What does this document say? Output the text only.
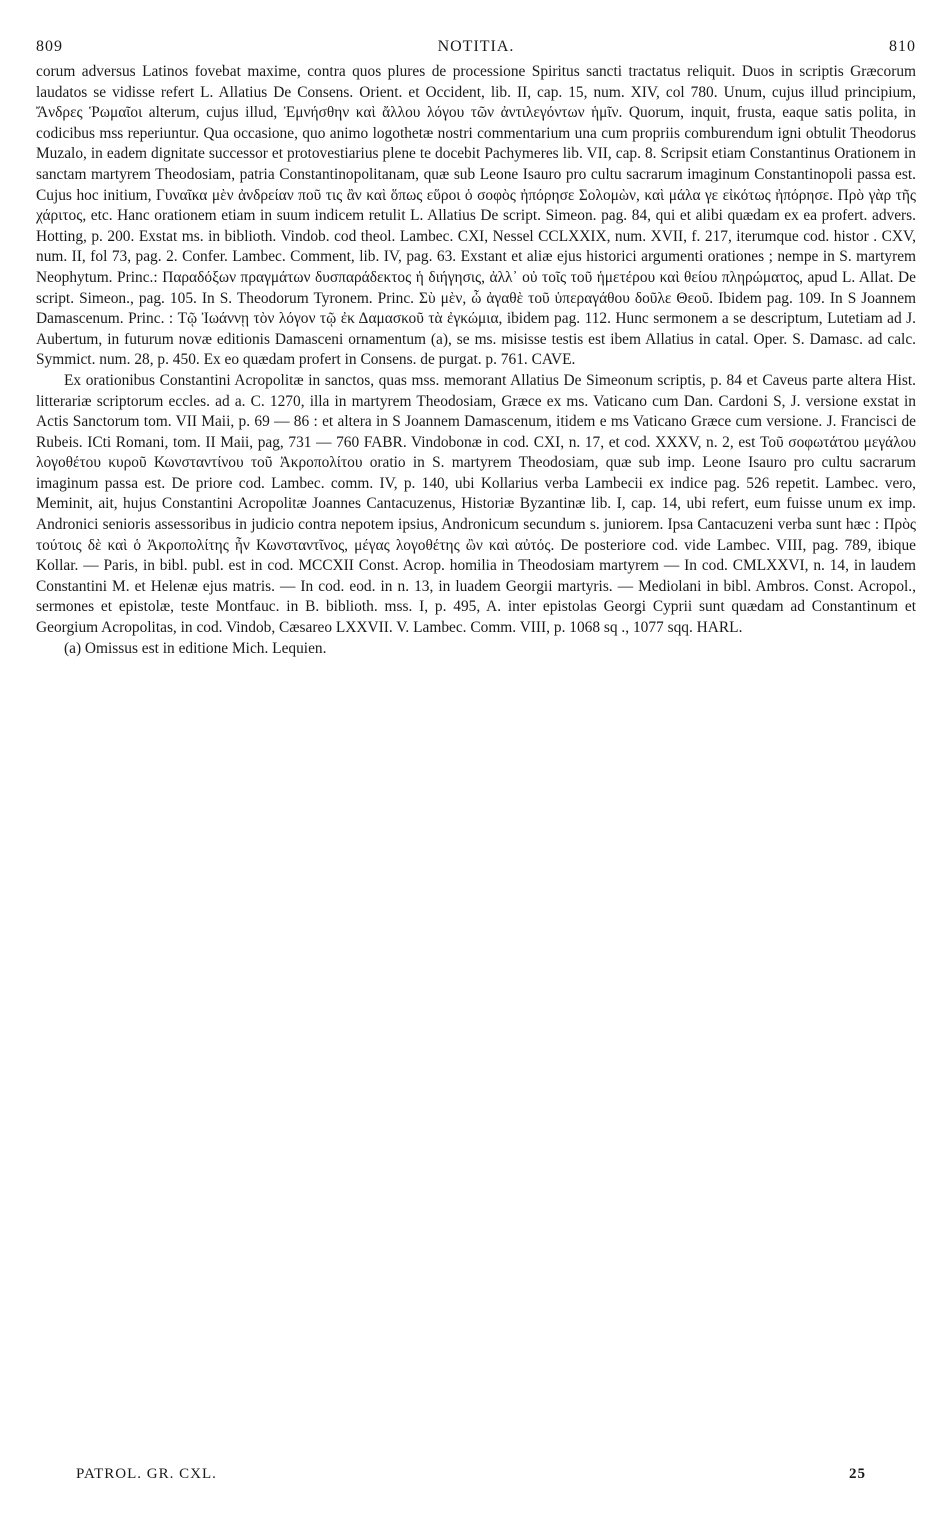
809	NOTITIA.	810

corum adversus Latinos fovebat maxime, contra quos plures de processione Spiritus sancti tractatus reliquit. Duos in scriptis Græcorum laudatos se vidisse refert L. Allatius De Consens. Orient. et Occident, lib. II, cap. 15, num. XIV, col 780. Unum, cujus illud principium, Ἄνδρες Ῥωμαῖοι alterum, cujus illud, Ἐμνήσθην καὶ ἄλλου λόγου τῶν ἀντιλεγόντων ἡμῖν. Quorum, inquit, frusta, eaque satis polita, in codicibus mss reperiuntur. Qua occasione, quo animo logothetæ nostri commentarium una cum propriis comburendum igni obtulit Theodorus Muzalo, in eadem dignitate successor et protovestiarius plene te docebit Pachymeres lib. VII, cap. 8. Scripsit etiam Constantinus Orationem in sanctam martyrem Theodosiam, patria Constantinopolitanam, quæ sub Leone Isauro pro cultu sacrarum imaginum Constantinopoli passa est. Cujus hoc initium, Γυναῖκα μὲν ἀνδρείαν ποῦ τις ἂν καὶ ὅπως εὕροι ὁ σοφὸς ἠπόρησε Σολομὼν, καὶ μάλα γε εἰκότως ἠπόρησε. Πρὸ γὰρ τῆς χάριτος, etc. Hanc orationem etiam in suum indicem retulit L. Allatius De script. Simeon. pag. 84, qui et alibi quædam ex ea profert. advers. Hotting, p. 200. Exstat ms. in biblioth. Vindob. cod theol. Lambec. CXI, Nessel CCLXXIX, num. XVII, f. 217, iterumque cod. histor . CXV, num. II, fol 73, pag. 2. Confer. Lambec. Comment, lib. IV, pag. 63. Exstant et aliæ ejus historici argumenti orationes ; nempe in S. martyrem Neophytum. Princ.: Παραδόξων πραγμάτων δυσπαράδεκτος ἡ διήγησις, ἀλλ᾽ οὐ τοῖς τοῦ ἡμετέρου καὶ θείου πληρώματος, apud L. Allat. De script. Simeon., pag. 105. In S. Theodorum Tyronem. Princ. Σὺ μὲν, ὦ ἀγαθὲ τοῦ ὑπεραγάθου δοῦλε Θεοῦ. Ibidem pag. 109. In S Joannem Damascenum. Princ. : Τῷ Ἰωάννῃ τὸν λόγον τῷ ἐκ Δαμασκοῦ τὰ ἐγκώμια, ibidem pag. 112. Hunc sermonem a se descriptum, Lutetiam ad J. Aubertum, in futurum novæ editionis Damasceni ornamentum (a), se ms. misisse testis est ibem Allatius in catal. Oper. S. Damasc. ad calc. Symmict. num. 28, p. 450. Ex eo quædam profert in Consens. de purgat. p. 761. CAVE.

Ex orationibus Constantini Acropolitæ in sanctos, quas mss. memorant Allatius De Simeonum scriptis, p. 84 et Caveus parte altera Hist. litterariæ scriptorum eccles. ad a. C. 1270, illa in martyrem Theodosiam, Græce ex ms. Vaticano cum Dan. Cardoni S, J. versione exstat in Actis Sanctorum tom. VII Maii, p. 69 — 86 : et altera in S Joannem Damascenum, itidem e ms Vaticano Græce cum versione. J. Francisci de Rubeis. ICti Romani, tom. II Maii, pag, 731 — 760 FABR. Vindobonæ in cod. CXI, n. 17, et cod. XXXV, n. 2, est Τοῦ σοφωτάτου μεγάλου λογοθέτου κυροῦ Κωνσταντίνου τοῦ Ἀκροπολίτου oratio in S. martyrem Theodosiam, quæ sub imp. Leone Isauro pro cultu sacrarum imaginum passa est. De priore cod. Lambec. comm. IV, p. 140, ubi Kollarius verba Lambecii ex indice pag. 526 repetit. Lambec. vero, Meminit, ait, hujus Constantini Acropolitæ Joannes Cantacuzenus, Historiæ Byzantinæ lib. I, cap. 14, ubi refert, eum fuisse unum ex imp. Andronici senioris assessoribus in judicio contra nepotem ipsius, Andronicum secundum s. juniorem. Ipsa Cantacuzeni verba sunt hæc : Πρὸς τούτοις δὲ καὶ ὁ Ἀκροπολίτης ἦν Κωνσταντῖνος, μέγας λογοθέτης ὢν καὶ αὐτός. De posteriore cod. vide Lambec. VIII, pag. 789, ibique Kollar. — Paris, in bibl. publ. est in cod. MCCXII Const. Acrop. homilia in Theodosiam martyrem — In cod. CMLXXVI, n. 14, in laudem Constantini M. et Helenæ ejus matris. — In cod. eod. in n. 13, in luadem Georgii martyris. — Mediolani in bibl. Ambros. Const. Acropol., sermones et epistolæ, teste Montfauc. in B. biblioth. mss. I, p. 495, A. inter epistolas Georgi Cyprii sunt quædam ad Constantinum et Georgium Acropolitas, in cod. Vindob, Cæsareo LXXVII. V. Lambec. Comm. VIII, p. 1068 sq ., 1077 sqq. HARL.

(a) Omissus est in editione Mich. Lequien.

PATROL. GR. CXL.	25
